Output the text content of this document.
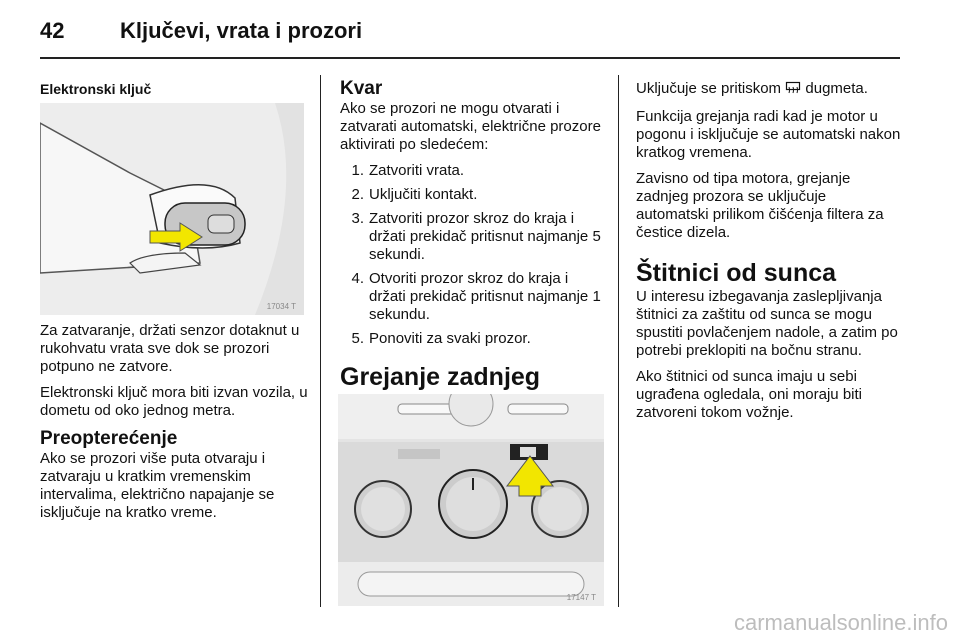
42	Ključevi, vrata i prozori
Elektronski ključ
17034 T

Za zatvaranje, držati senzor dotaknut u rukohvatu vrata sve dok se prozori potpuno ne zatvore.

Elektronski ključ mora biti izvan vozila, u dometu od oko jednog metra.

Preopterećenje

Ako se prozori više puta otvaraju i zatvaraju u kratkim vremenskim intervalima, električno napajanje se isključuje na kratko vreme.

Kvar

Ako se prozori ne mogu otvarati i zatvarati automatski, električne prozore aktivirati po sledećem:

1. Zatvoriti vrata.
2. Uključiti kontakt.
3. Zatvoriti prozor skroz do kraja i držati prekidač pritisnut najmanje 5 sekundi.
4. Otvoriti prozor skroz do kraja i držati prekidač pritisnut najmanje 1 sekundu.
5. Ponoviti za svaki prozor.
Grejanje zadnjeg
17147 T

Uključuje se pritiskom dugmeta.

Funkcija grejanja radi kad je motor u pogonu i isključuje se automatski nakon kratkog vremena.

Zavisno od tipa motora, grejanje zadnjeg prozora se uključuje automatski prilikom čišćenja filtera za čestice dizela.

Štitnici od sunca

U interesu izbegavanja zaslepljivanja štitnici za zaštitu od sunca se mogu spustiti povlačenjem nadole, a zatim po potrebi preklopiti na bočnu stranu.

Ako štitnici od sunca imaju u sebi ugrađena ogledala, oni moraju biti zatvoreni tokom vožnje.

carmanualsonline.info
